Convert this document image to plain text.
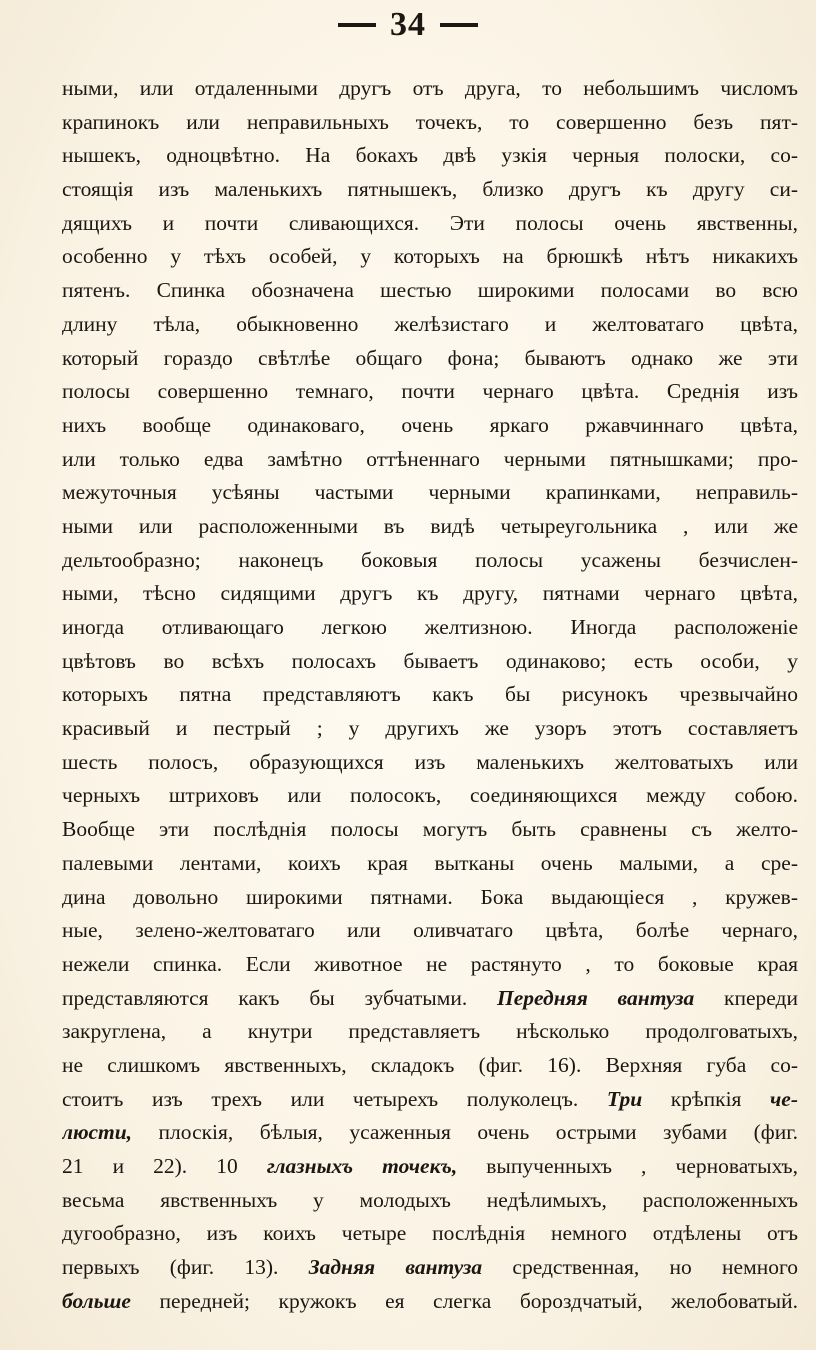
34
ными, или отдаленными другъ отъ друга, то небольшимъ числомъ
крапинокъ или неправильныхъ точекъ, то совершенно безъ пят-
нышекъ, одноцвѣтно. На бокахъ двѣ узкія черныя полоски, со-
стоящія изъ маленькихъ пятнышекъ, близко другъ къ другу си-
дящихъ и почти сливающихся. Эти полосы очень явственны,
особенно у тѣхъ особей, у которыхъ на брюшкѣ нѣтъ никакихъ
пятенъ. Спинка обозначена шестью широкими полосами во всю
длину тѣла, обыкновенно желѣзистаго и желтоватаго цвѣта,
который гораздо свѣтлѣе общаго фона; бываютъ однако же эти
полосы совершенно темнаго, почти чернаго цвѣта. Среднія изъ
нихъ вообще одинаковаго, очень яркаго ржавчиннаго цвѣта,
или только едва замѣтно оттѣненнаго черными пятнышками; про-
межуточныя усѣяны частыми черными крапинками, неправиль-
ными или расположенными въ видѣ четыреугольника , или же
дельтообразно; наконецъ боковыя полосы усажены безчислен-
ными, тѣсно сидящими другъ къ другу, пятнами чернаго цвѣта,
иногда отливающаго легкою желтизною. Иногда расположеніе
цвѣтовъ во всѣхъ полосахъ бываетъ одинаково; есть особи, у
которыхъ пятна представляютъ какъ бы рисунокъ чрезвычайно
красивый и пестрый ; у другихъ же узоръ этотъ составляетъ
шесть полосъ, образующихся изъ маленькихъ желтоватыхъ или
черныхъ штриховъ или полосокъ, соединяющихся между собою.
Вообще эти послѣднія полосы могутъ быть сравнены съ желто-
палевыми лентами, коихъ края вытканы очень малыми, а сре-
дина довольно широкими пятнами. Бока выдающіеся , кружев-
ные, зелено-желтоватаго или оливчатаго цвѣта, болѣе чернаго,
нежели спинка. Если животное не растянуто , то боковые края
представляются какъ бы зубчатыми. Передняя вантуза кпереди
закруглена, а кнутри представляетъ нѣсколько продолговатыхъ,
не слишкомъ явственныхъ, складокъ (фиг. 16). Верхняя губа со-
стоитъ изъ трехъ или четырехъ полуколецъ. Три крѣпкія че-
люсти, плоскія, бѣлыя, усаженныя очень острыми зубами (фиг.
21 и 22). 10 глазныхъ точекъ, выпученныхъ , черноватыхъ,
весьма явственныхъ у молодыхъ недѣлимыхъ, расположенныхъ
дугообразно, изъ коихъ четыре послѣднія немного отдѣлены отъ
первыхъ (фиг. 13). Задняя вантуза средственная, но немного
больше передней; кружокъ ея слегка бороздчатый, желобоватый.
